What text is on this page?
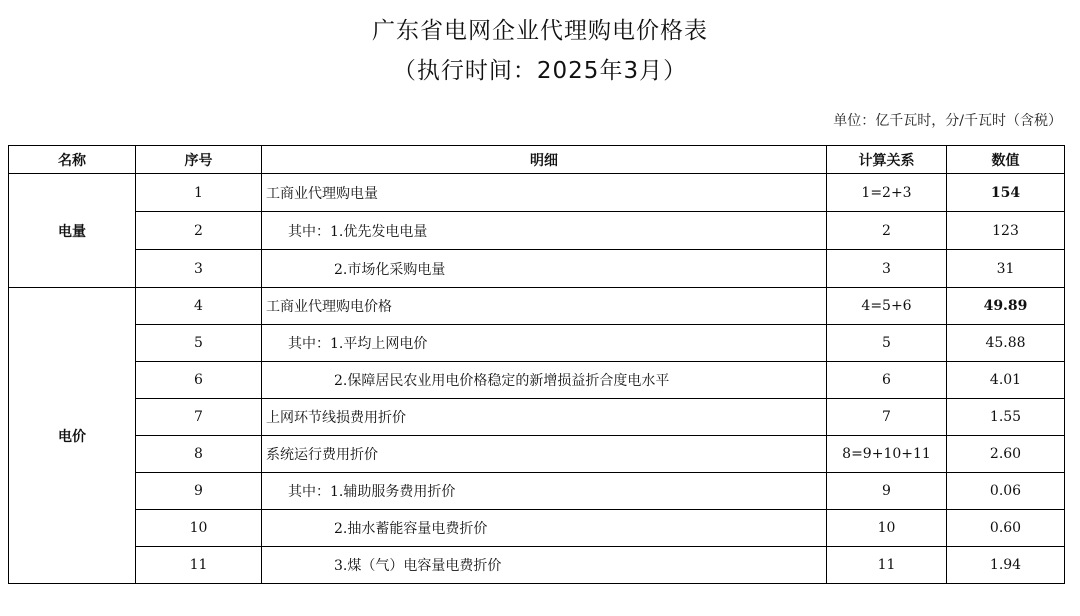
广东省电网企业代理购电价格表
（执行时间：2025年3月）
单位：亿千瓦时，分/千瓦时（含税）
名称	序号	明细	计算关系	数值
电量	1	工商业代理购电量	1=2+3	154
	2	其中：1.优先发电电量	2	123
	3	2.市场化采购电量	3	31
电价	4	工商业代理购电价格	4=5+6	49.89
	5	其中：1.平均上网电价	5	45.88
	6	2.保障居民农业用电价格稳定的新增损益折合度电水平	6	4.01
	7	上网环节线损费用折价	7	1.55
	8	系统运行费用折价	8=9+10+11	2.60
	9	其中：1.辅助服务费用折价	9	0.06
	10	2.抽水蓄能容量电费折价	10	0.60
	11	3.煤（气）电容量电费折价	11	1.94
